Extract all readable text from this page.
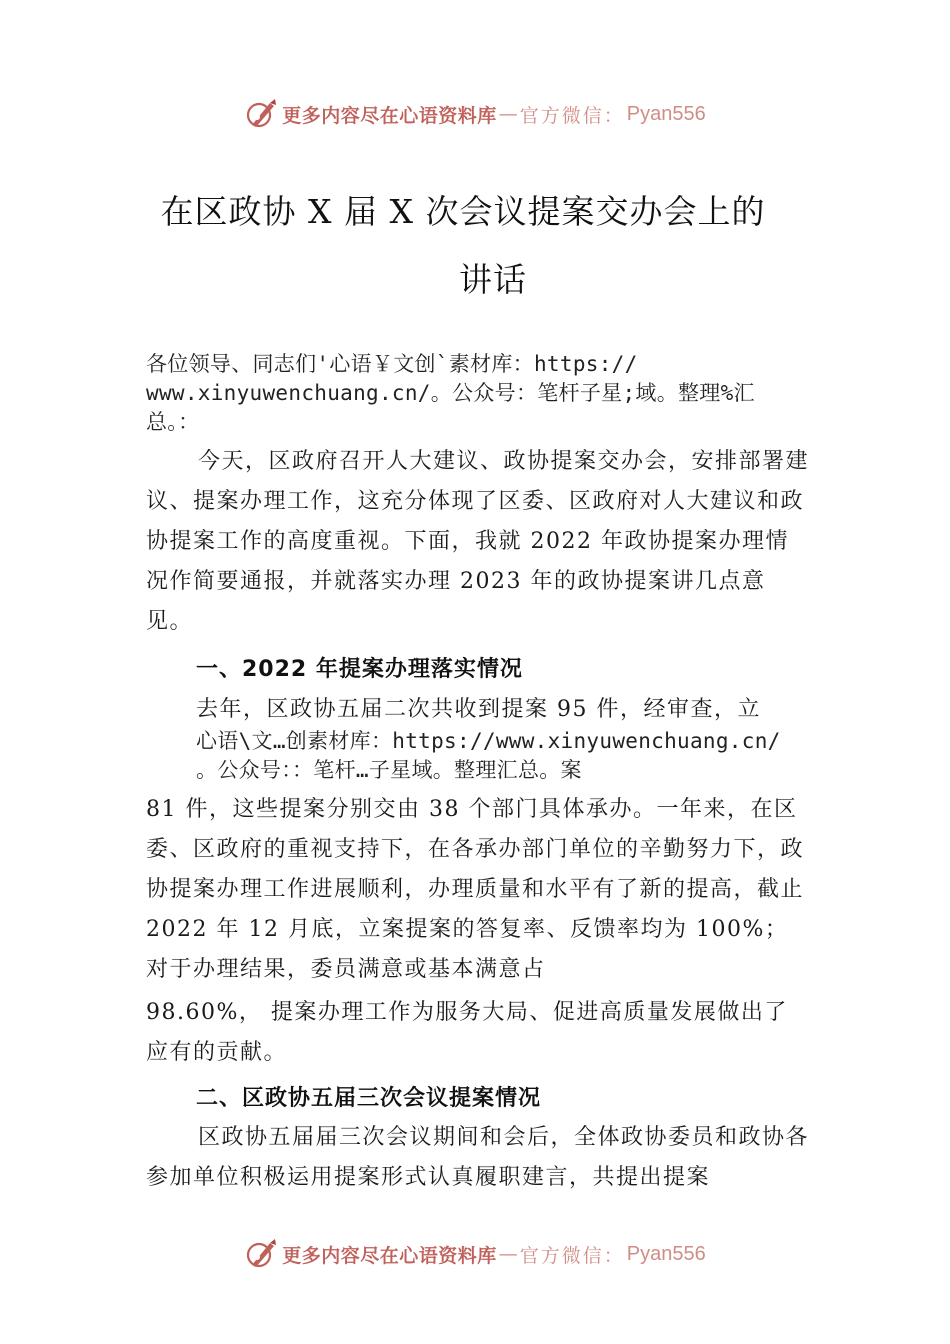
更多内容尽在心语资料库 — 官方微信： Pyan556
在区政协 X 届 X 次会议提案交办会上的
讲话
各位领导、同志们'心语￥文创`素材库：https://
www.xinyuwenchuang.cn/。公众号：笔杆子星;域。整理%汇
总。：
今天，区政府召开人大建议、政协提案交办会，安排部署建议、提案办理工作，这充分体现了区委、区政府对人大建议和政协提案工作的高度重视。下面，我就 2022 年政协提案办理情况作简要通报，并就落实办理 2023 年的政协提案讲几点意见。
一、2022 年提案办理落实情况
去年，区政协五届二次共收到提案 95 件，经审查，立
心语\文…创素材库：https://www.xinyuwenchuang.cn/
。公众号：：笔杆…子星域。整理汇总。案
81 件，这些提案分别交由 38 个部门具体承办。一年来，在区委、区政府的重视支持下，在各承办部门单位的辛勤努力下，政协提案办理工作进展顺利，办理质量和水平有了新的提高，截止 2022 年 12 月底，立案提案的答复率、反馈率均为 100%；对于办理结果，委员满意或基本满意占
98.60%， 提案办理工作为服务大局、促进高质量发展做出了应有的贡献。
二、区政协五届三次会议提案情况
区政协五届届三次会议期间和会后，全体政协委员和政协各参加单位积极运用提案形式认真履职建言，共提出提案
更多内容尽在心语资料库 — 官方微信： Pyan556
